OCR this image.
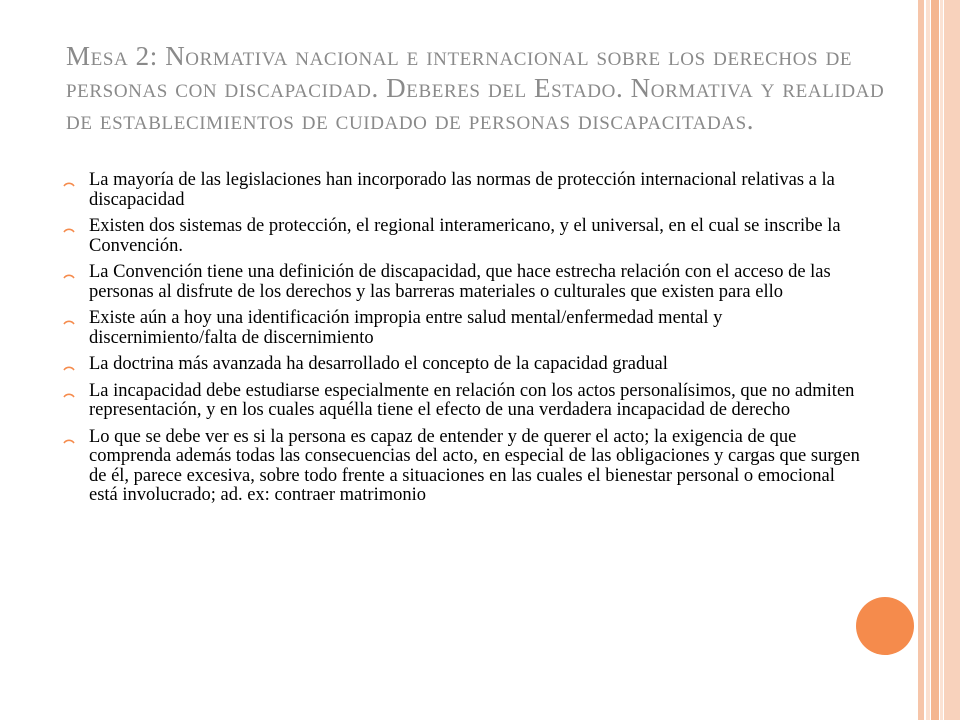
Mesa 2: Normativa nacional e internacional sobre los derechos de personas con discapacidad. Deberes del Estado. Normativa y realidad de establecimientos de cuidado de personas discapacitadas.
La mayoría de las legislaciones han incorporado las normas de protección internacional relativas a la discapacidad
Existen dos sistemas de protección, el regional interamericano, y el universal, en el cual se inscribe la Convención.
La Convención tiene una definición de discapacidad, que hace estrecha relación con el acceso de las personas al disfrute de los derechos y las barreras materiales o culturales que existen para ello
Existe aún a hoy una identificación impropia entre salud mental/enfermedad mental y discernimiento/falta de discernimiento
La doctrina más avanzada ha desarrollado el concepto de la capacidad gradual
La incapacidad debe estudiarse especialmente en relación con los actos personalísimos, que no admiten representación, y en los cuales aquélla tiene el efecto de una verdadera incapacidad de derecho
Lo que se debe ver es si la persona es capaz de entender y de querer el acto; la exigencia de que comprenda además todas las consecuencias del acto, en especial de las obligaciones y cargas que surgen de él, parece excesiva, sobre todo frente a situaciones en las cuales el bienestar personal o emocional está involucrado; ad. ex: contraer matrimonio
